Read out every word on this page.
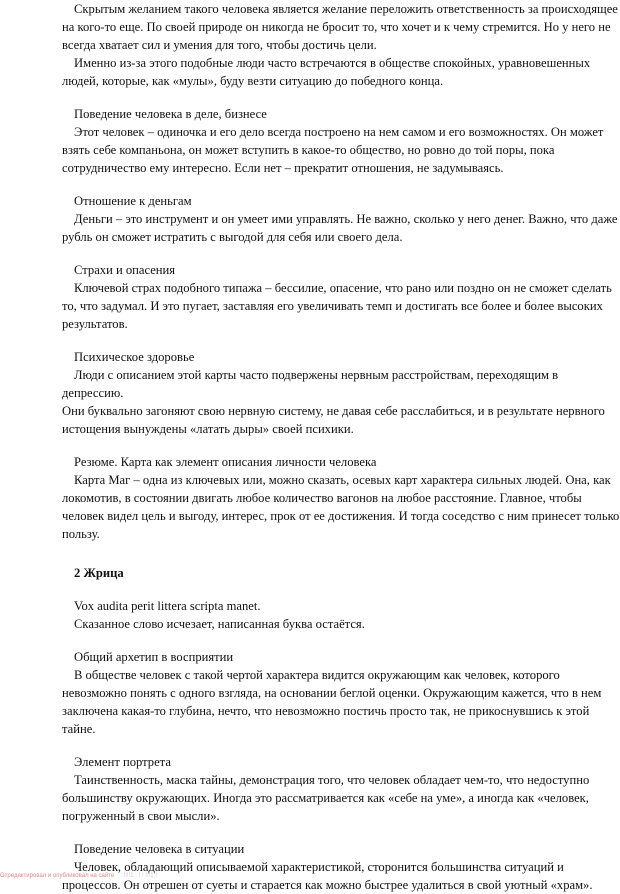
Скрытым желанием такого человека является желание переложить ответственность за происходящее
на кого-то еще. По своей природе он никогда не бросит то, что хочет и к чему стремится. Но у него не
всегда хватает сил и умения для того, чтобы достичь цели.

Именно из-за этого подобные люди часто встречаются в обществе спокойных, уравновешенных
людей, которые, как «мулы», буду везти ситуацию до победного конца.

Поведение человека в деле, бизнесе

Этот человек – одиночка и его дело всегда построено на нем самом и его возможностях. Он может
взять себе компаньона, он может вступить в какое-то общество, но ровно до той поры, пока
сотрудничество ему интересно. Если нет – прекратит отношения, не задумываясь.

Отношение к деньгам

Деньги – это инструмент и он умеет ими управлять. Не важно, сколько у него денег. Важно, что даже
рубль он сможет истратить с выгодой для себя или своего дела.

Страхи и опасения

Ключевой страх подобного типажа – бессилие, опасение, что рано или поздно он не сможет сделать
то, что задумал. И это пугает, заставляя его увеличивать темп и достигать все более и более высоких
результатов.

Психическое здоровье

Люди с описанием этой карты часто подвержены нервным расстройствам, переходящим в депрессию.
Они буквально загоняют свою нервную систему, не давая себе расслабиться, и в результате нервного
истощения вынуждены «латать дыры» своей психики.

Резюме. Карта как элемент описания личности человека

Карта Маг – одна из ключевых или, можно сказать, осевых карт характера сильных людей. Она, как
локомотив, в состоянии двигать любое количество вагонов на любое расстояние. Главное, чтобы
человек видел цель и выгоду, интерес, прок от ее достижения. И тогда соседство с ним принесет только
пользу.

2 Жрица

Vox audita perit littera scripta manet.

Сказанное слово исчезает, написанная буква остаётся.

Общий архетип в восприятии

В обществе человек с такой чертой характера видится окружающим как человек, которого
невозможно понять с одного взгляда, на основании беглой оценки. Окружающим кажется, что в нем
заключена какая-то глубина, нечто, что невозможно постичь просто так, не прикоснувшись к этой
тайне.

Элемент портрета

Таинственность, маска тайны, демонстрация того, что человек обладает чем-то, что недоступно
большинству окружающих. Иногда это рассматривается как «себе на уме», а иногда как «человек,
погруженный в свои мысли».

Поведение человека в ситуации

Человек, обладающий описываемой характеристикой, сторонится большинства ситуаций и
процессов. Он отрешен от суеты и старается как можно быстрее удалиться в свой уютный «храм».

Отредактировал и опубликовал на сайте : !!!!1 : ! ! !!!1 !
